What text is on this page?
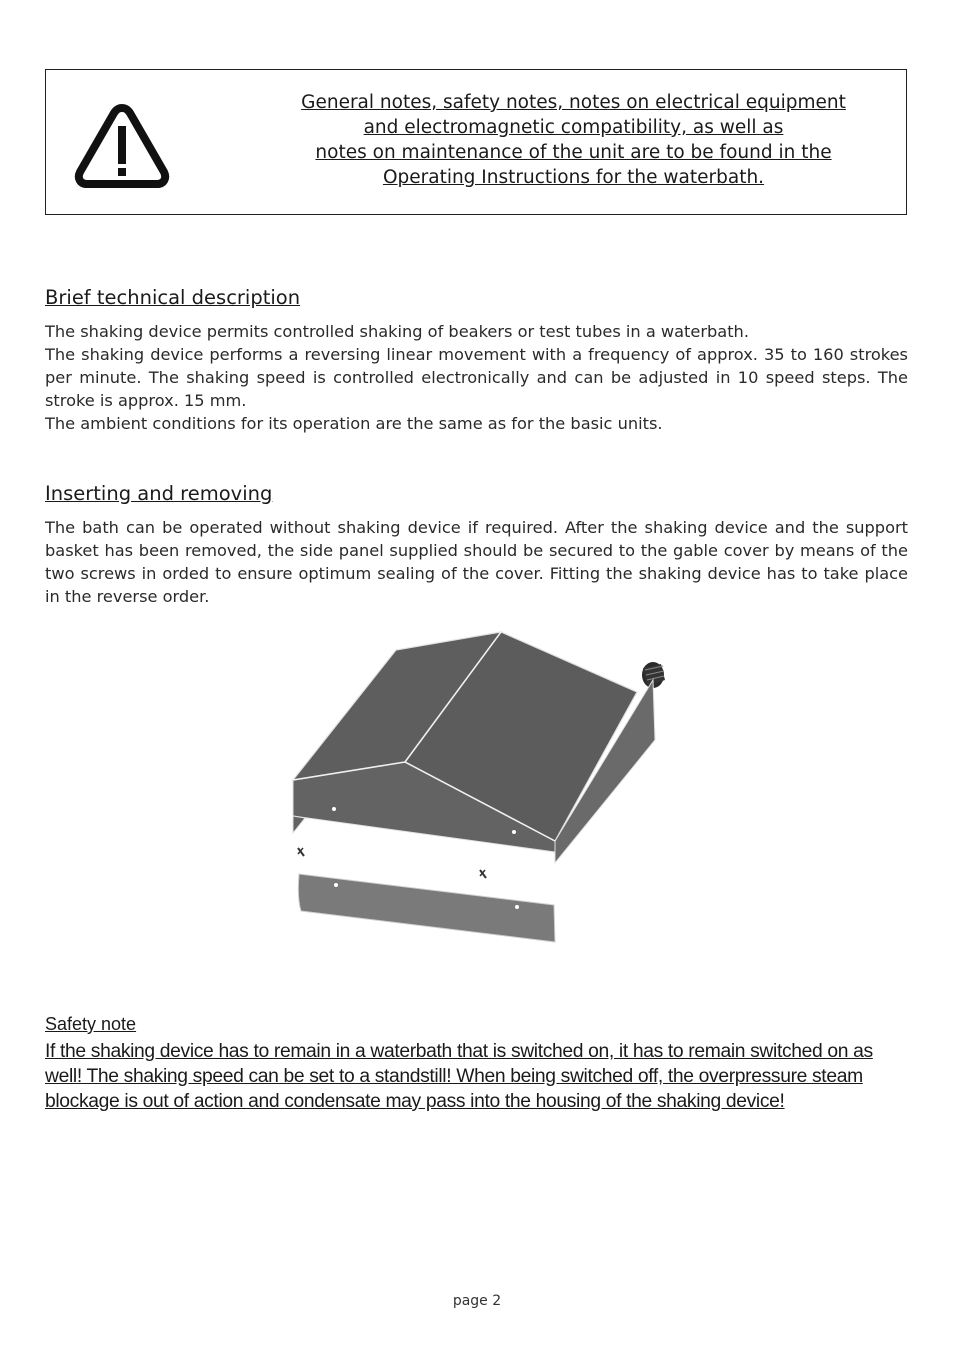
General notes, safety notes, notes on electrical equipment
and electromagnetic compatibility, as well as
notes on maintenance of the unit are to be found in the
Operating Instructions for the waterbath.
Brief technical description

The shaking device permits controlled shaking of beakers or test tubes in a waterbath.

The shaking device performs a reversing linear movement with a frequency of approx. 35 to 160 strokes per minute. The shaking speed is controlled electronically and can be adjusted in 10 speed steps. The stroke is approx. 15 mm.

The ambient conditions for its operation are the same as for the basic units.

Inserting and removing

The bath can be operated without shaking device if required. After the shaking device and the support basket has been removed, the side panel supplied should be secured to the gable cover by means of the two screws in orded to ensure optimum sealing of the cover. Fitting the shaking device has to take place in the reverse order.

Safety note

If the shaking device has to remain in a waterbath that is switched on, it has to remain switched on as
well! The shaking speed can be set to a standstill! When being switched off, the overpressure steam
blockage is out of action and condensate may pass into the housing of the shaking device!
page 2
